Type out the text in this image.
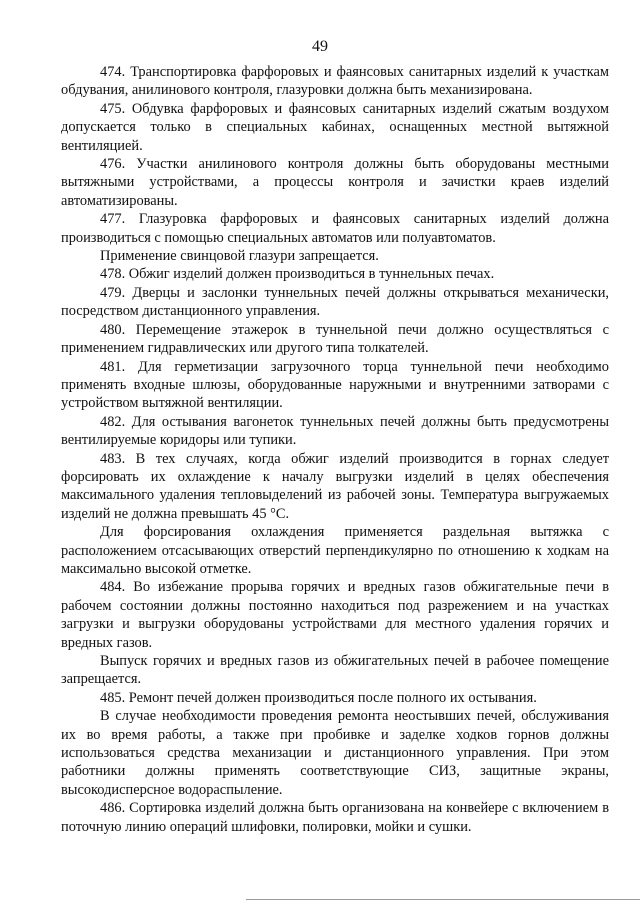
49

474. Транспортировка фарфоровых и фаянсовых санитарных изделий к участкам обдувания, анилинового контроля, глазуровки должна быть механизирована.

475. Обдувка фарфоровых и фаянсовых санитарных изделий сжатым воздухом допускается только в специальных кабинах, оснащенных местной вытяжной вентиляцией.

476. Участки анилинового контроля должны быть оборудованы местными вытяжными устройствами, а процессы контроля и зачистки краев изделий автоматизированы.

477. Глазуровка фарфоровых и фаянсовых санитарных изделий должна производиться с помощью специальных автоматов или полуавтоматов.

Применение свинцовой глазури запрещается.

478. Обжиг изделий должен производиться в туннельных печах.

479. Дверцы и заслонки туннельных печей должны открываться механически, посредством дистанционного управления.

480. Перемещение этажерок в туннельной печи должно осуществляться с применением гидравлических или другого типа толкателей.

481. Для герметизации загрузочного торца туннельной печи необходимо применять входные шлюзы, оборудованные наружными и внутренними затворами с устройством вытяжной вентиляции.

482. Для остывания вагонеток туннельных печей должны быть предусмотрены вентилируемые коридоры или тупики.

483. В тех случаях, когда обжиг изделий производится в горнах следует форсировать их охлаждение к началу выгрузки изделий в целях обеспечения максимального удаления тепловыделений из рабочей зоны. Температура выгружаемых изделий не должна превышать 45 °С.

Для форсирования охлаждения применяется раздельная вытяжка с расположением отсасывающих отверстий перпендикулярно по отношению к ходкам на максимально высокой отметке.

484. Во избежание прорыва горячих и вредных газов обжигательные печи в рабочем состоянии должны постоянно находиться под разрежением и на участках загрузки и выгрузки оборудованы устройствами для местного удаления горячих и вредных газов.

Выпуск горячих и вредных газов из обжигательных печей в рабочее помещение запрещается.

485. Ремонт печей должен производиться после полного их остывания.

В случае необходимости проведения ремонта неостывших печей, обслуживания их во время работы, а также при пробивке и заделке ходков горнов должны использоваться средства механизации и дистанционного управления. При этом работники должны применять соответствующие СИЗ, защитные экраны, высокодисперсное водораспыление.

486. Сортировка изделий должна быть организована на конвейере с включением в поточную линию операций шлифовки, полировки, мойки и сушки.
